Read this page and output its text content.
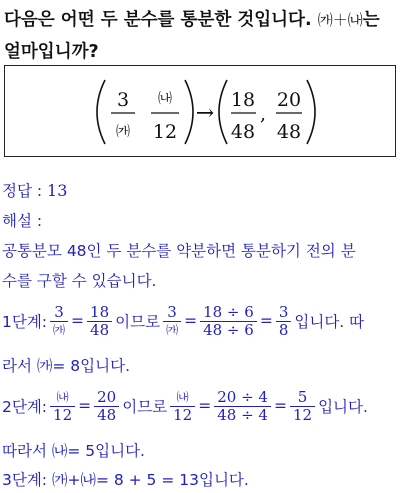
다음은 어떤 두 분수를 통분한 것입니다. ㈎＋㈏는
얼마입니까?
3
㈎
㈏
12
→
18
48
,
20
48
정답 : 13
해설 :
공통분모 48인 두 분수를 약분하면 통분하기 전의 분
수를 구할 수 있습니다.
1단계: $\frac{3}{㈎} = \frac{18}{48}$ 이므로 $\frac{3}{㈎} = \frac{18 \div 6}{48 \div 6} = \frac{3}{8}$ 입니다. 따
라서 ㈎= 8입니다.
2단계: $\frac{㈏}{12} = \frac{20}{48}$ 이므로 $\frac{㈏}{12} = \frac{20 \div 4}{48 \div 4} = \frac{5}{12}$ 입니다.
따라서 ㈏= 5입니다.
3단계: ㈎+㈏= 8 + 5 = 13입니다.
